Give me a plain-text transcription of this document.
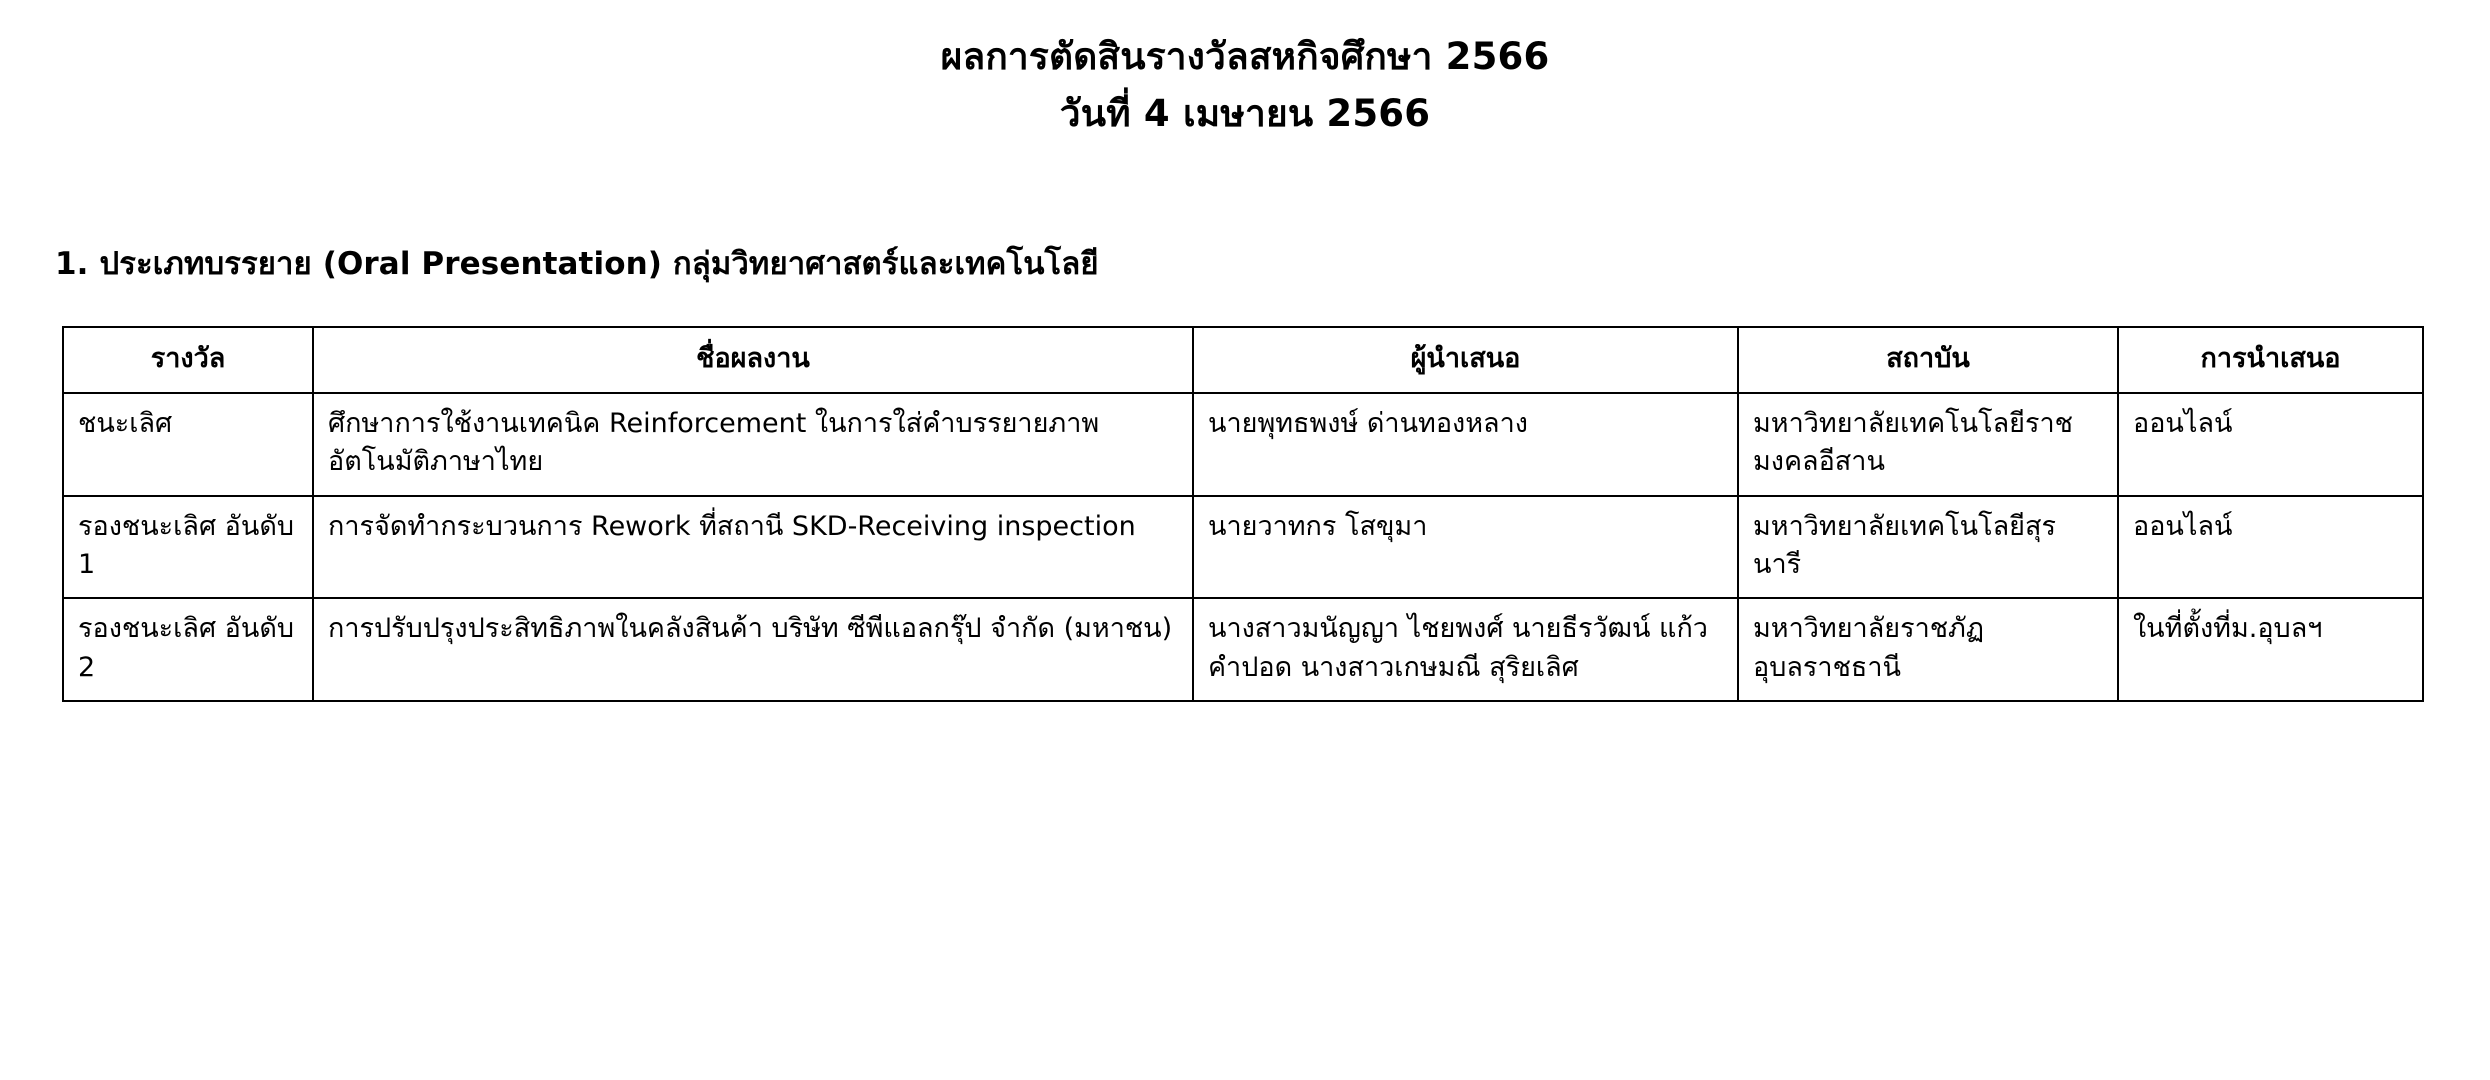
ผลการตัดสินรางวัลสหกิจศึกษา 2566
วันที่ 4 เมษายน 2566
1. ประเภทบรรยาย (Oral Presentation) กลุ่มวิทยาศาสตร์และเทคโนโลยี
รางวัล	ชื่อผลงาน	ผู้นำเสนอ	สถาบัน	การนำเสนอ
ชนะเลิศ	ศึกษาการใช้งานเทคนิค Reinforcement ในการใส่คำบรรยายภาพอัตโนมัติภาษาไทย	นายพุทธพงษ์ ด่านทองหลาง	มหาวิทยาลัยเทคโนโลยีราชมงคลอีสาน	ออนไลน์
รองชนะเลิศ อันดับ 1	การจัดทำกระบวนการ Rework ที่สถานี SKD-Receiving inspection	นายวาทกร โสขุมา	มหาวิทยาลัยเทคโนโลยีสุรนารี	ออนไลน์
รองชนะเลิศ อันดับ 2	การปรับปรุงประสิทธิภาพในคลังสินค้า บริษัท ซีพีแอลกรุ๊ป จำกัด (มหาชน)	นางสาวมนัญญา ไชยพงศ์ นายธีรวัฒน์ แก้วคำปอด นางสาวเกษมณี สุริยเลิศ	มหาวิทยาลัยราชภัฏอุบลราชธานี	ในที่ตั้งที่ม.อุบลฯ
